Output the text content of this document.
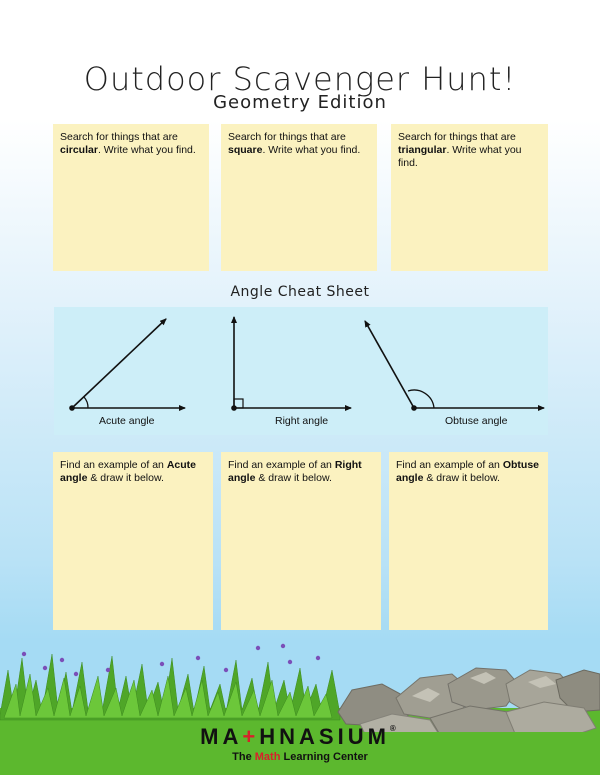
Outdoor Scavenger Hunt!
Geometry Edition
Search for things that are circular. Write what you find.
Search for things that are square. Write what you find.
Search for things that are triangular. Write what you find.
Angle Cheat Sheet
Acute angle	Right angle	Obtuse angle
Find an example of an Acute angle & draw it below.
Find an example of an Right angle & draw it below.
Find an example of an Obtuse angle & draw it below.
MA+HNASIUM®
The Math Learning Center
